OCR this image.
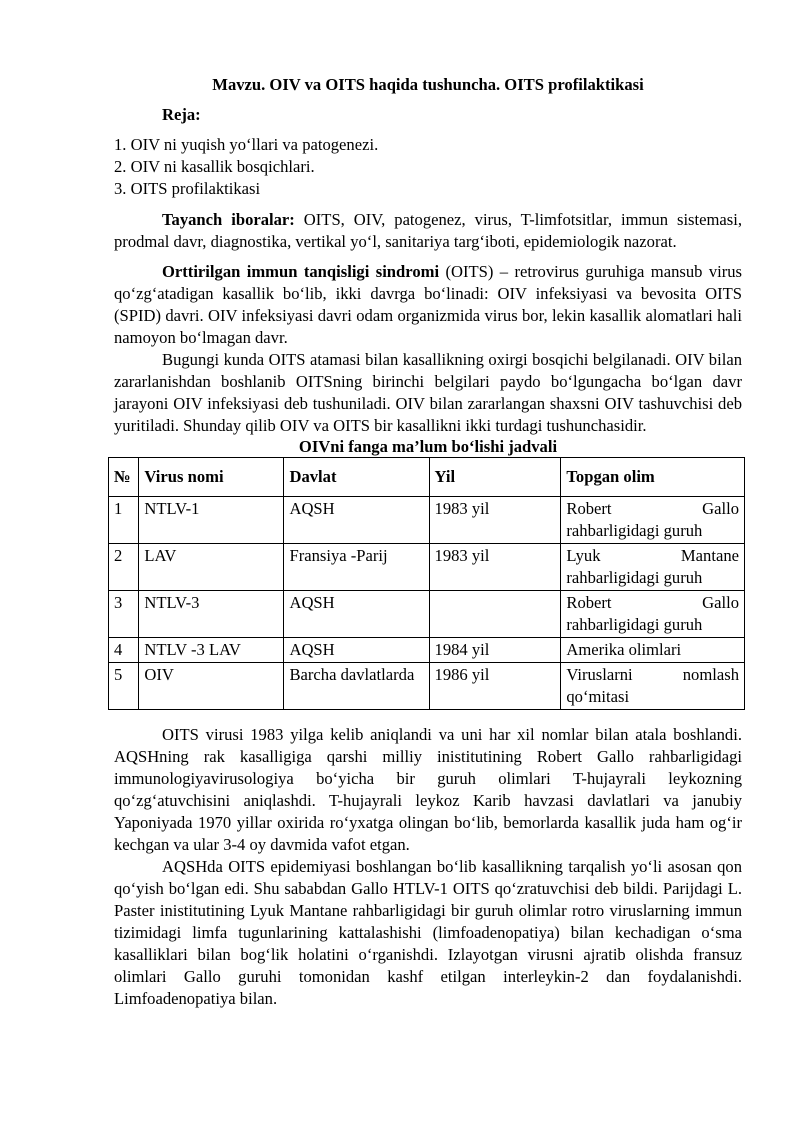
Mavzu. OIV va OITS haqida tushuncha. OITS profilaktikasi
Reja:
1. OIV ni yuqish yo‘llari va patogenezi.
2. OIV ni kasallik bosqichlari.
3. OITS profilaktikasi

Tayanch iboralar: OITS, OIV, patogenez, virus, T-limfotsitlar, immun sistemasi, prodmal davr, diagnostika, vertikal yo‘l, sanitariya targ‘iboti, epidemiologik nazorat.

Orttirilgan immun tanqisligi sindromi (OITS) – retrovirus guruhiga mansub virus qo‘zg‘atadigan kasallik bo‘lib, ikki davrga bo‘linadi: OIV infeksiyasi va bevosita OITS (SPID) davri. OIV infeksiyasi davri odam organizmida virus bor, lekin kasallik alomatlari hali namoyon bo‘lmagan davr.

Bugungi kunda OITS atamasi bilan kasallikning oxirgi bosqichi belgilanadi. OIV bilan zararlanishdan boshlanib OITSning birinchi belgilari paydo bo‘lgungacha bo‘lgan davr jarayoni OIV infeksiyasi deb tushuniladi. OIV bilan zararlangan shaxsni OIV tashuvchisi deb yuritiladi. Shunday qilib OIV va OITS bir kasallikni ikki turdagi tushunchasidir.

OIVni fanga ma’lum bo‘lishi jadvali
№	Virus nomi	Davlat	Yil	Topgan olim
1	NTLV-1	AQSH	1983 yil	Robert Gallo rahbarligidagi guruh
2	LAV	Fransiya -Parij	1983 yil	Lyuk Mantane rahbarligidagi guruh
3	NTLV-3	AQSH		Robert Gallo rahbarligidagi guruh
4	NTLV -3 LAV	AQSH	1984 yil	Amerika olimlari
5	OIV	Barcha davlatlarda	1986 yil	Viruslarni nomlash qo‘mitasi

OITS virusi 1983 yilga kelib aniqlandi va uni har xil nomlar bilan atala boshlandi. AQSHning rak kasalligiga qarshi milliy inistitutining Robert Gallo rahbarligidagi immunologiyavirusologiya bo‘yicha bir guruh olimlari T-hujayrali leykozning qo‘zg‘atuvchisini aniqlashdi. T-hujayrali leykoz Karib havzasi davlatlari va janubiy Yaponiyada 1970 yillar oxirida ro‘yxatga olingan bo‘lib, bemorlarda kasallik juda ham og‘ir kechgan va ular 3-4 oy davmida vafot etgan.

AQSHda OITS epidemiyasi boshlangan bo‘lib kasallikning tarqalish yo‘li asosan qon qo‘yish bo‘lgan edi. Shu sababdan Gallo HTLV-1 OITS qo‘zratuvchisi deb bildi. Parijdagi L. Paster inistitutining Lyuk Mantane rahbarligidagi bir guruh olimlar rotro viruslarning immun tizimidagi limfa tugunlarining kattalashishi (limfoadenopatiya) bilan kechadigan o‘sma kasalliklari bilan bog‘lik holatini o‘rganishdi. Izlayotgan virusni ajratib olishda fransuz olimlari Gallo guruhi tomonidan kashf etilgan interleykin-2 dan foydalanishdi. Limfoadenopatiya bilan.
